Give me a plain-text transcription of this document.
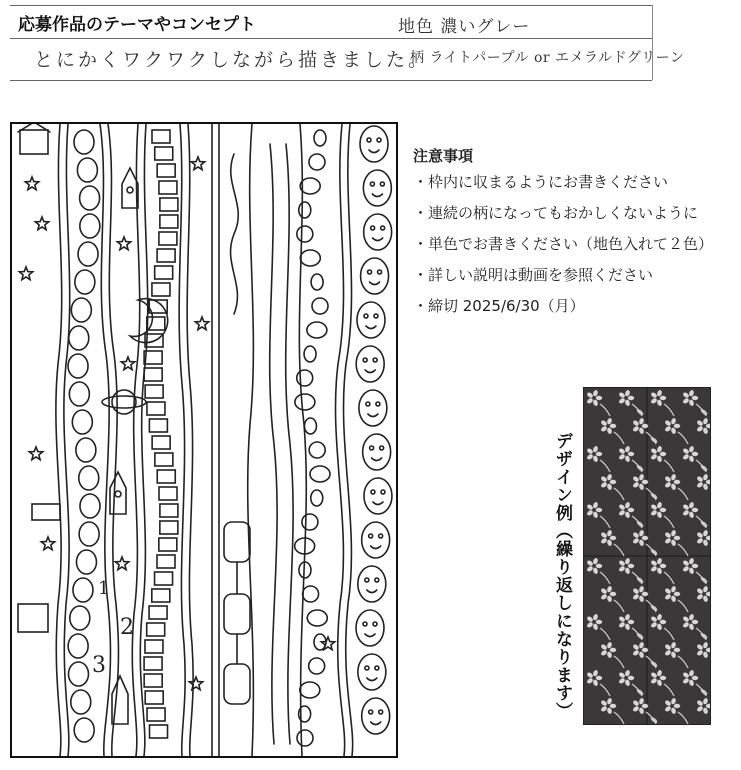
応募作品のテーマやコンセプト	地色 濃いグレー
とにかくワクワクしながら描きました。
柄 ライトパープル or エメラルドグリーン
1
2
3
注意事項
・枠内に収まるようにお書きください
・連続の柄になってもおかしくないように
・単色でお書きください（地色入れて２色）
・詳しい説明は動画を参照ください
・締切 2025/6/30（月）
デザイン例（繰り返しになります）
